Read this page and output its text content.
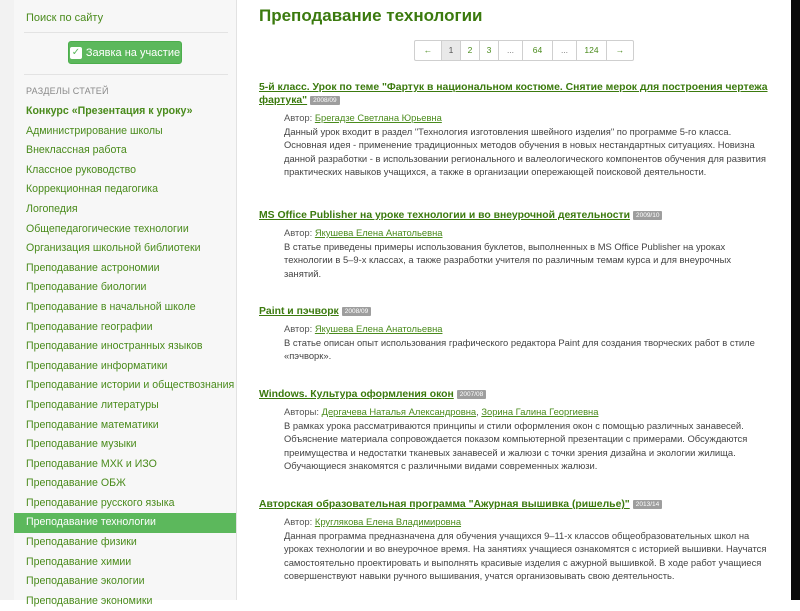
Поиск по сайту
✓ Заявка на участие
РАЗДЕЛЫ СТАТЕЙ
Конкурс «Презентация к уроку»
Администрирование школы
Внеклассная работа
Классное руководство
Коррекционная педагогика
Логопедия
Общепедагогические технологии
Организация школьной библиотеки
Преподавание астрономии
Преподавание биологии
Преподавание в начальной школе
Преподавание географии
Преподавание иностранных языков
Преподавание информатики
Преподавание истории и обществознания
Преподавание литературы
Преподавание математики
Преподавание музыки
Преподавание МХК и ИЗО
Преподавание ОБЖ
Преподавание русского языка
Преподавание технологии
Преподавание физики
Преподавание химии
Преподавание экологии
Преподавание экономики
Преподавание технологии
←	1	2	3	...	64	...	124	→
5-й класс. Урок по теме "Фартук в национальном костюме. Снятие мерок для построения чертежа фартука" 2008/09
Автор: Брегадзе Светлана Юрьевна
Данный урок входит в раздел "Технология изготовления швейного изделия" по программе 5-го класса. Основная идея - применение традиционных методов обучения в новых нестандартных ситуациях. Новизна данной разработки - в использовании регионального и валеологического компонентов обучения для развития практических навыков учащихся, а также в организации опережающей поисковой деятельности.
MS Office Publisher на уроке технологии и во внеурочной деятельности 2009/10
Автор: Якушева Елена Анатольевна
В статье приведены примеры использования буклетов, выполненных в MS Office Publisher на уроках технологии в 5–9-х классах, а также разработки учителя по различным темам курса и для внеурочных занятий.
Paint и пэчворк 2008/09
Автор: Якушева Елена Анатольевна
В статье описан опыт использования графического редактора Paint для создания творческих работ в стиле «пэчворк».
Windows. Культура оформления окон 2007/08
Авторы: Дергачева Наталья Александровна, Зорина Галина Георгиевна
В рамках урока рассматриваются принципы и стили оформления окон с помощью различных занавесей. Объяснение материала сопровождается показом компьютерной презентации с примерами. Обсуждаются преимущества и недостатки тканевых занавесей и жалюзи с точки зрения дизайна и экологии жилища. Обучающиеся знакомятся с различными видами современных жалюзи.
Авторская образовательная программа "Ажурная вышивка (ришелье)" 2013/14
Автор: Круглякова Елена Владимировна
Данная программа предназначена для обучения учащихся 9–11-х классов общеобразовательных школ на уроках технологии и во внеурочное время. На занятиях учащиеся ознакомятся с историей вышивки. Научатся самостоятельно проектировать и выполнять красивые изделия с ажурной вышивкой. В ходе работ учащиеся совершенствуют навыки ручного вышивания, учатся организовывать свою деятельность.
